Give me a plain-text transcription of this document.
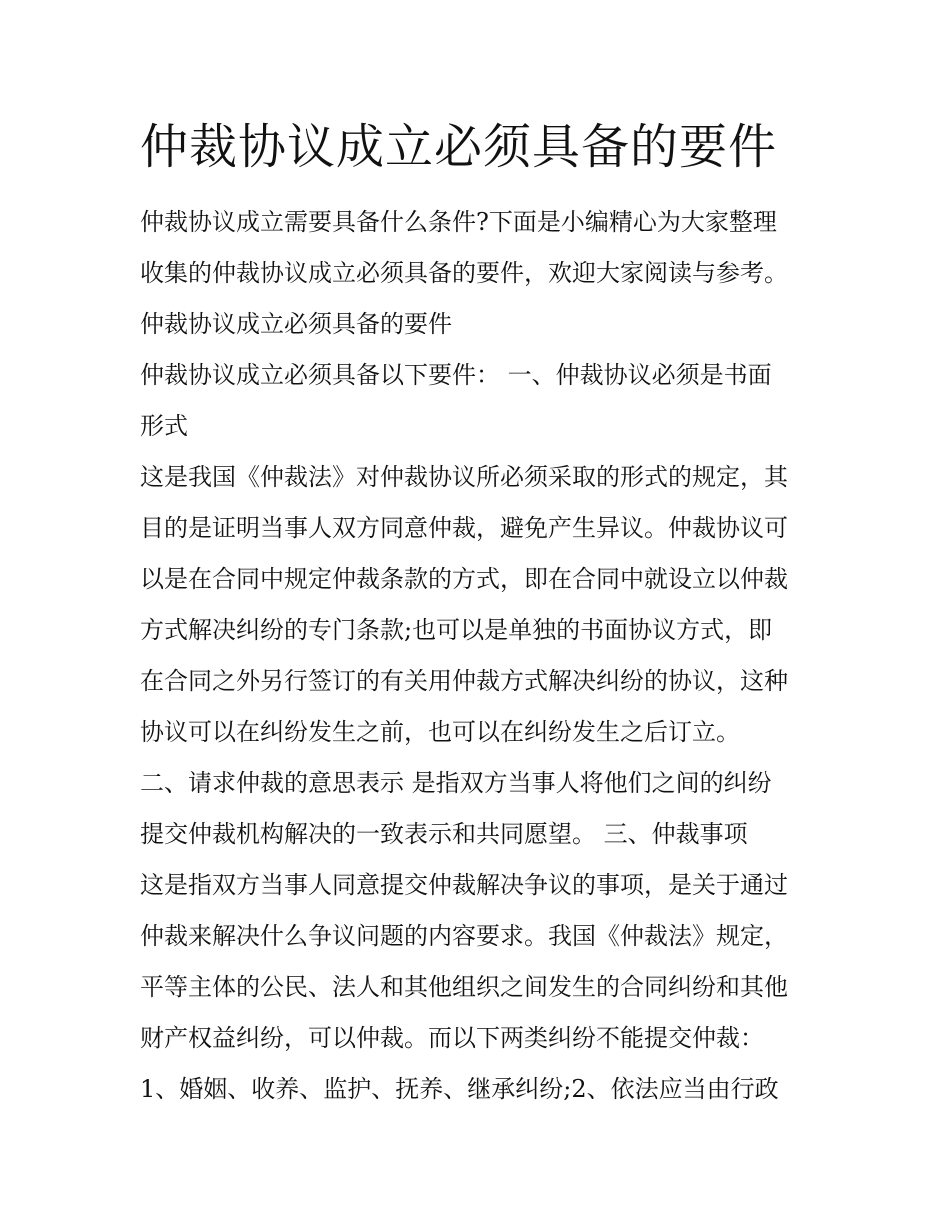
仲裁协议成立必须具备的要件
仲裁协议成立需要具备什么条件?下面是小编精心为大家整理
收集的仲裁协议成立必须具备的要件，欢迎大家阅读与参考。
仲裁协议成立必须具备的要件
仲裁协议成立必须具备以下要件： 一、仲裁协议必须是书面
形式
这是我国《仲裁法》对仲裁协议所必须采取的形式的规定，其
目的是证明当事人双方同意仲裁，避免产生异议。仲裁协议可
以是在合同中规定仲裁条款的方式，即在合同中就设立以仲裁
方式解决纠纷的专门条款;也可以是单独的书面协议方式，即
在合同之外另行签订的有关用仲裁方式解决纠纷的协议，这种
协议可以在纠纷发生之前，也可以在纠纷发生之后订立。
二、请求仲裁的意思表示 是指双方当事人将他们之间的纠纷
提交仲裁机构解决的一致表示和共同愿望。 三、仲裁事项
这是指双方当事人同意提交仲裁解决争议的事项，是关于通过
仲裁来解决什么争议问题的内容要求。我国《仲裁法》规定，
平等主体的公民、法人和其他组织之间发生的合同纠纷和其他
财产权益纠纷，可以仲裁。而以下两类纠纷不能提交仲裁：
1、婚姻、收养、监护、抚养、继承纠纷;2、依法应当由行政
